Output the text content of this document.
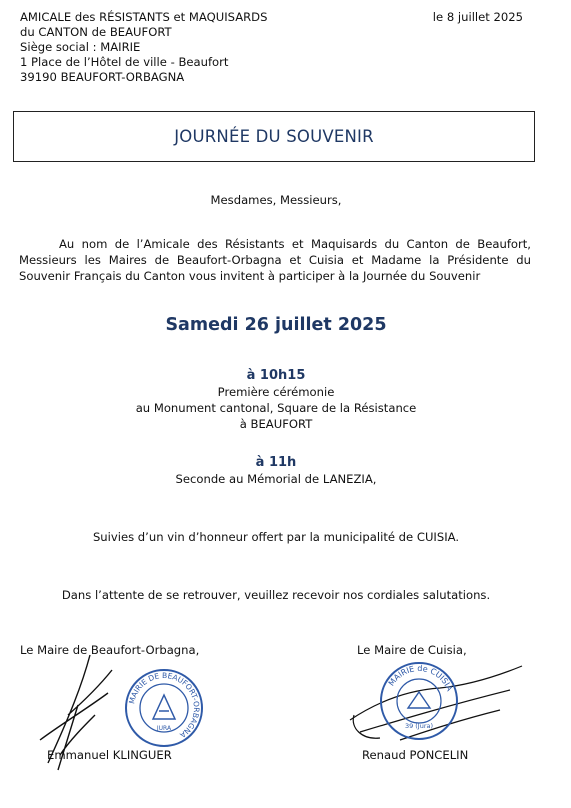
AMICALE des RÉSISTANTS et MAQUISARDS
du CANTON de BEAUFORT
Siège social : MAIRIE
1 Place de l’Hôtel de ville - Beaufort
39190 BEAUFORT-ORBAGNA
le 8 juillet 2025
JOURNÉE DU SOUVENIR
Mesdames, Messieurs,
Au nom de l’Amicale des Résistants et Maquisards du Canton de Beaufort, Messieurs les Maires de Beaufort-Orbagna et Cuisia et Madame la Présidente du Souvenir Français du Canton vous invitent à participer à la Journée du Souvenir
Samedi 26 juillet 2025
à 10h15
Première cérémonie
au Monument cantonal, Square de la Résistance
à BEAUFORT
à 11h
Seconde au Mémorial de LANEZIA,
Suivies d’un vin d’honneur offert par la municipalité de CUISIA.
Dans l’attente de se retrouver, veuillez recevoir nos cordiales salutations.
Le Maire de Beaufort-Orbagna,	Le Maire de Cuisia,
MAIRIE DE BEAUFORT-ORBAGNA
JURA
MAIRIE de CUISIA
39 (Jura)
Emmanuel KLINGUER	Renaud PONCELIN
